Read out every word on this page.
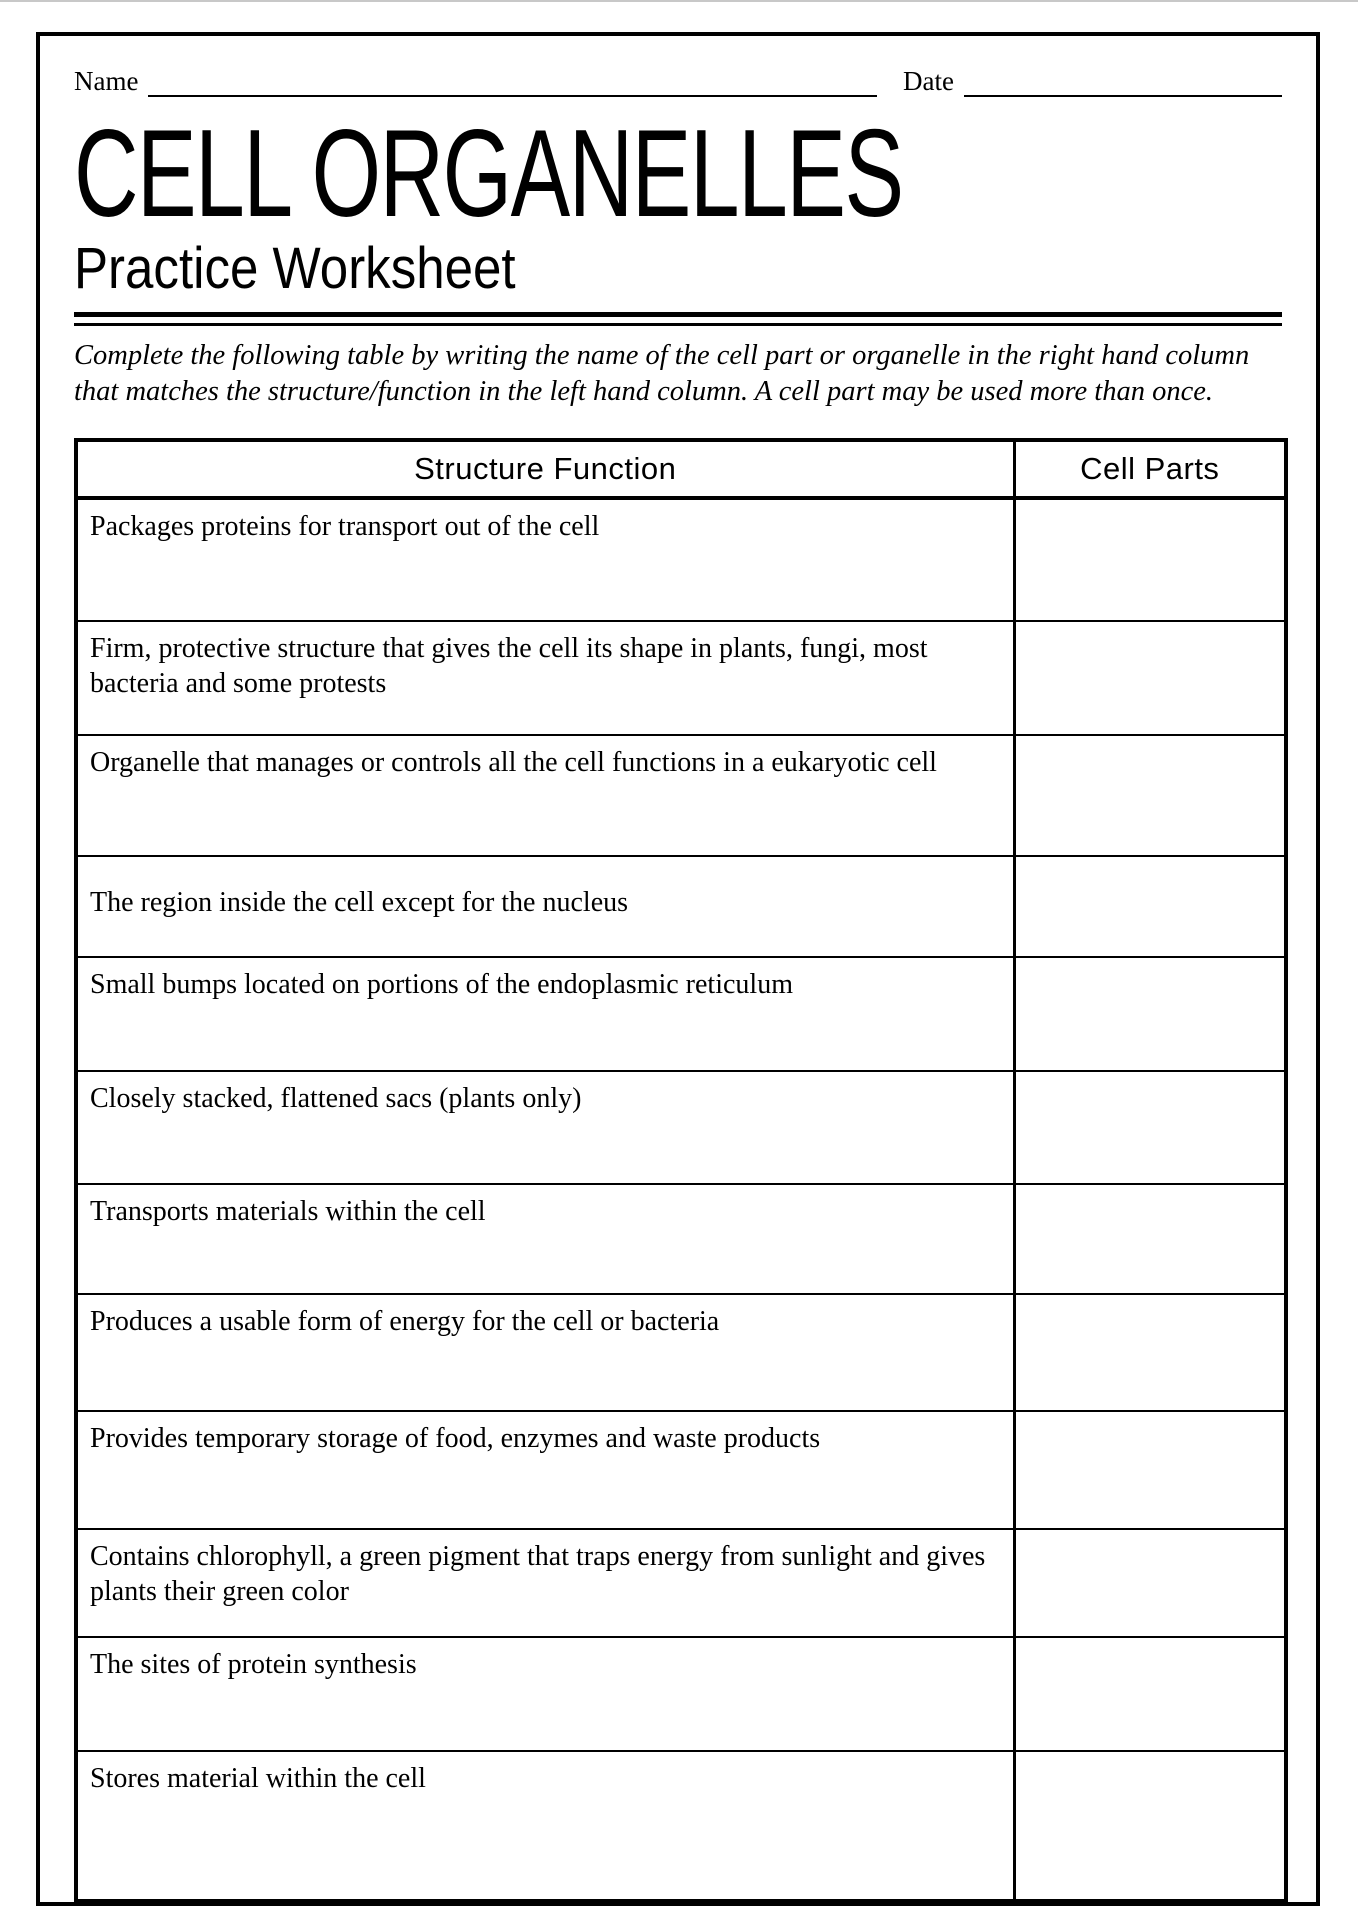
Name	Date
CELL ORGANELLES
Practice Worksheet

Complete the following table by writing the name of the cell part or organelle in the right hand column that matches the structure/function in the left hand column. A cell part may be used more than once.

Structure Function	Cell Parts
Packages proteins for transport out of the cell	
Firm, protective structure that gives the cell its shape in plants, fungi, most bacteria and some protests	
Organelle that manages or controls all the cell functions in a eukaryotic cell	
The region inside the cell except for the nucleus	
Small bumps located on portions of the endoplasmic reticulum	
Closely stacked, flattened sacs (plants only)	
Transports materials within the cell	
Produces a usable form of energy for the cell or bacteria	
Provides temporary storage of food, enzymes and waste products	
Contains chlorophyll, a green pigment that traps energy from sunlight and gives plants their green color	
The sites of protein synthesis	
Stores material within the cell	
